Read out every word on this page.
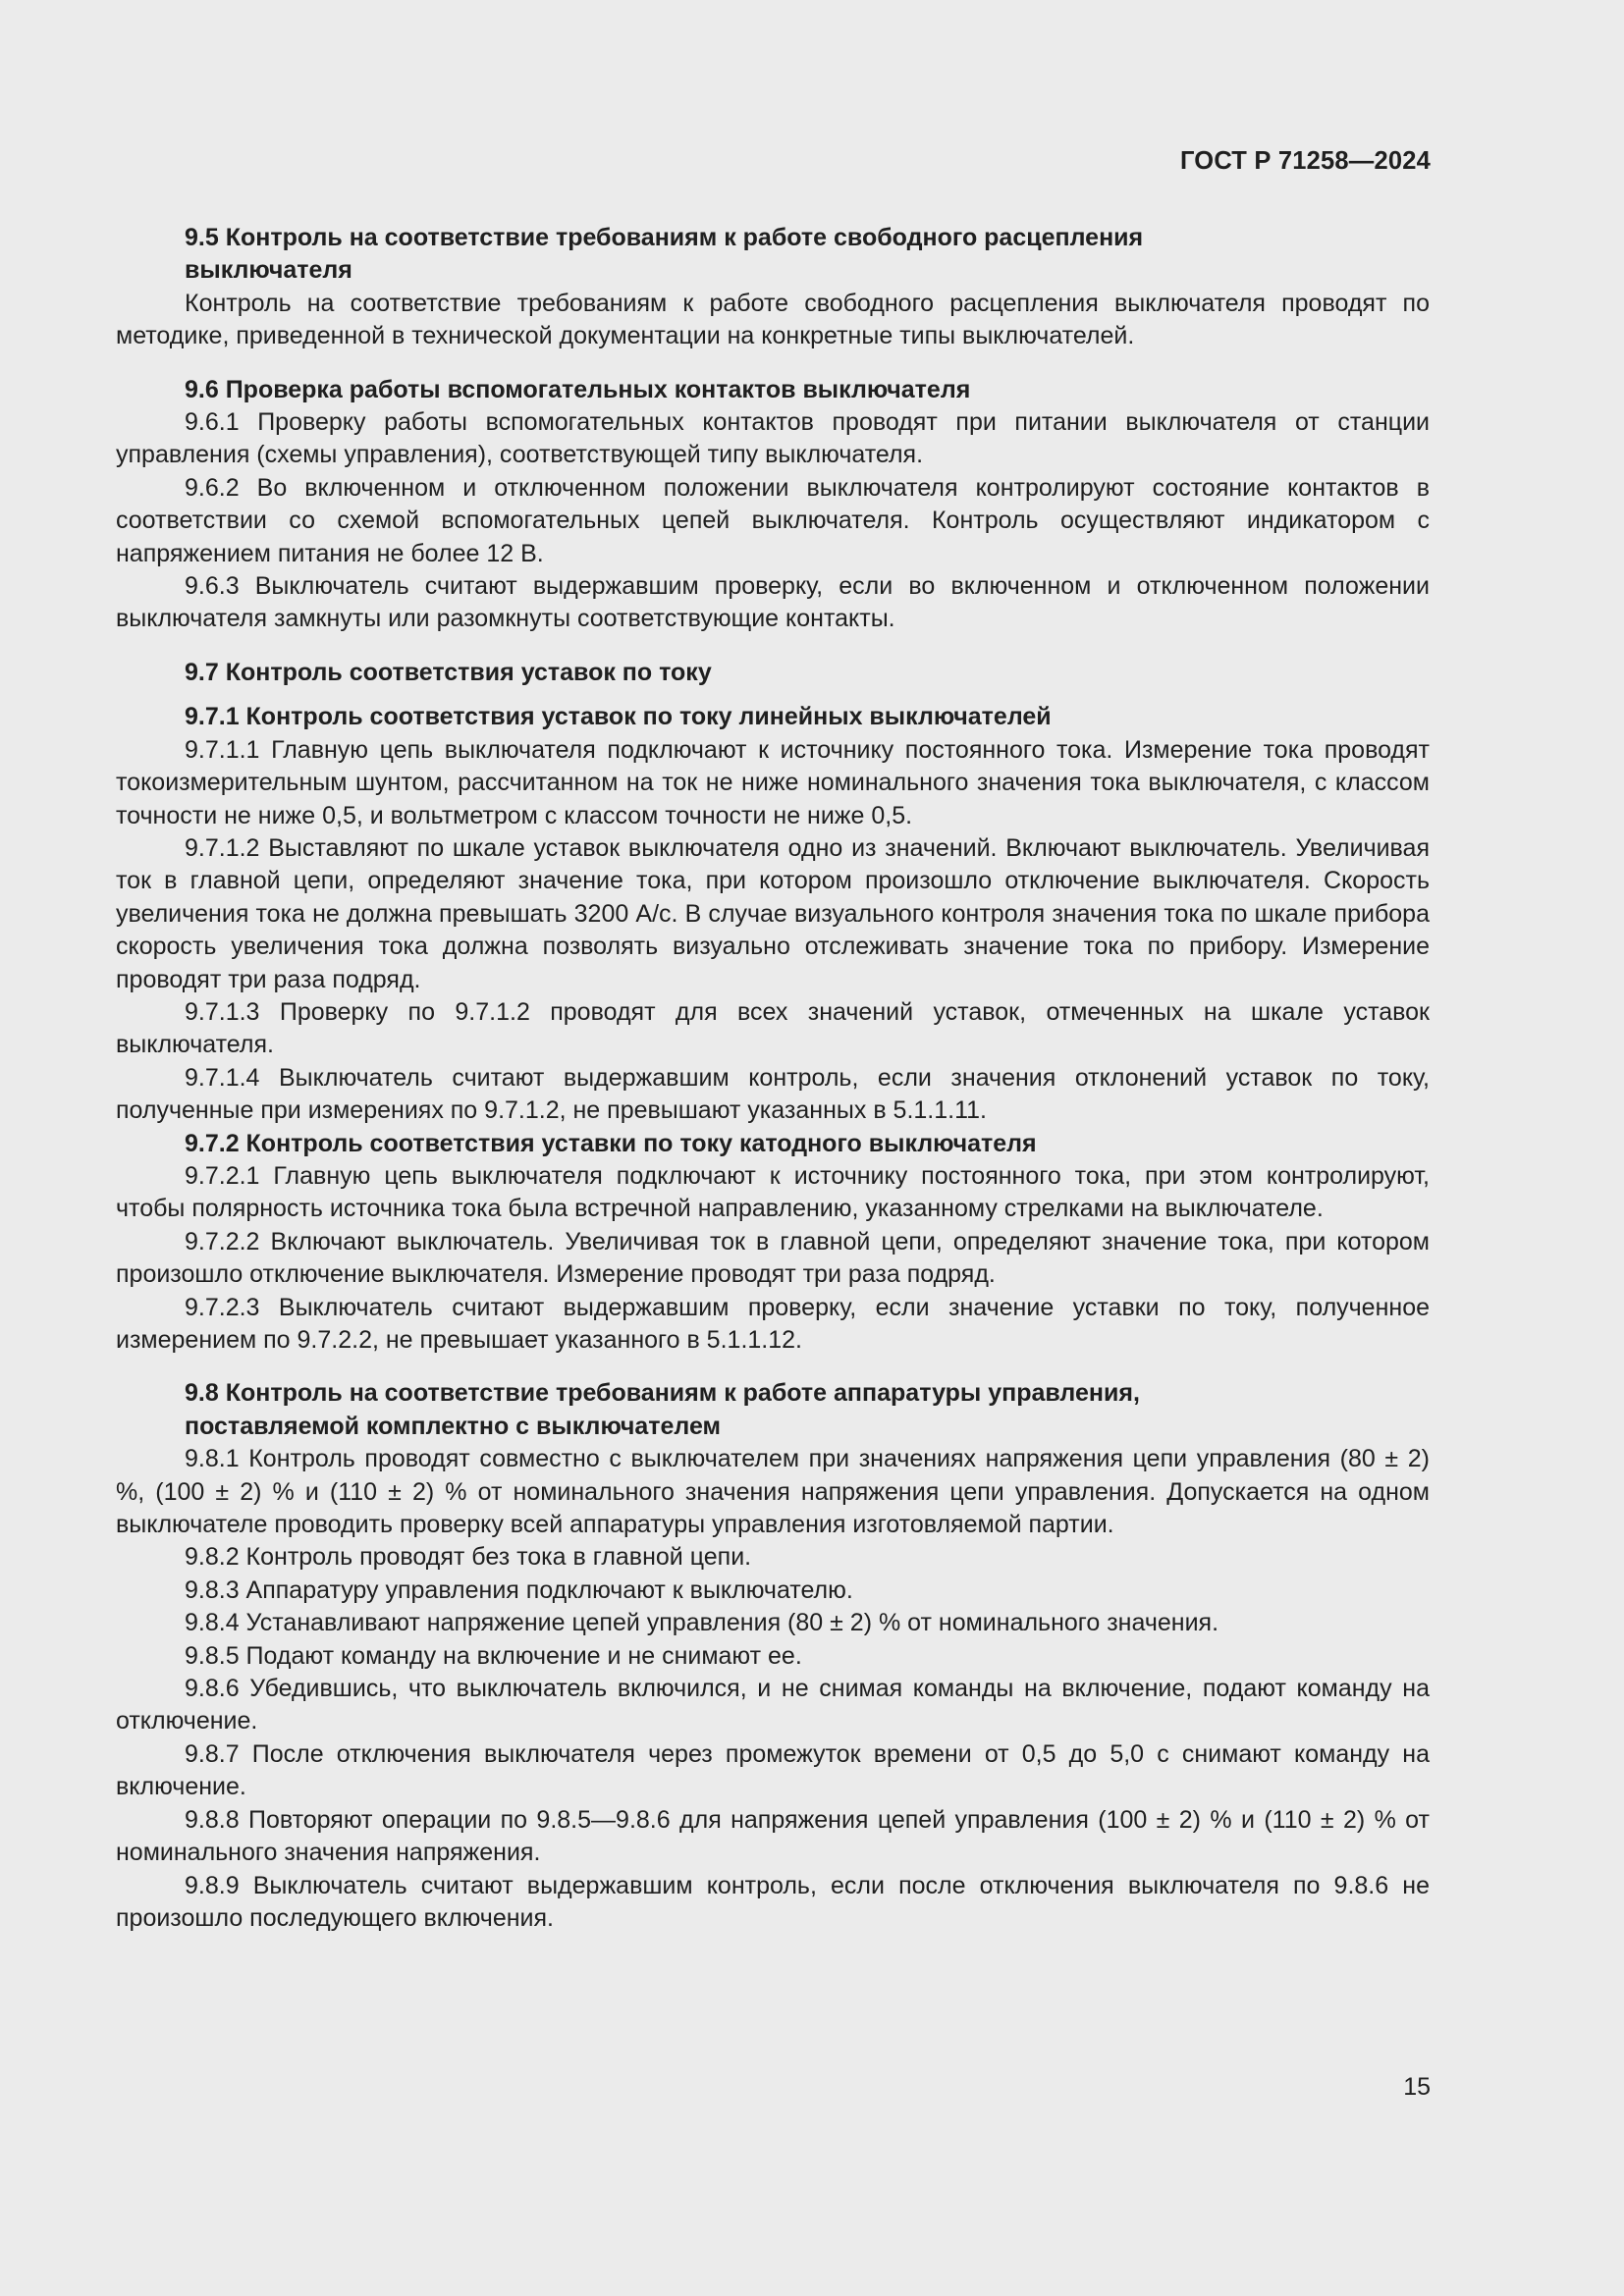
ГОСТ Р 71258—2024
9.5 Контроль на соответствие требованиям к работе свободного расцепления выключателя

Контроль на соответствие требованиям к работе свободного расцепления выключателя проводят по методике, приведенной в технической документации на конкретные типы выключателей.

9.6 Проверка работы вспомогательных контактов выключателя

9.6.1 Проверку работы вспомогательных контактов проводят при питании выключателя от станции управления (схемы управления), соответствующей типу выключателя.

9.6.2 Во включенном и отключенном положении выключателя контролируют состояние контактов в соответствии со схемой вспомогательных цепей выключателя. Контроль осуществляют индикатором с напряжением питания не более 12 В.

9.6.3 Выключатель считают выдержавшим проверку, если во включенном и отключенном положении выключателя замкнуты или разомкнуты соответствующие контакты.

9.7 Контроль соответствия уставок по току
9.7.1 Контроль соответствия уставок по току линейных выключателей

9.7.1.1 Главную цепь выключателя подключают к источнику постоянного тока. Измерение тока проводят токоизмерительным шунтом, рассчитанном на ток не ниже номинального значения тока выключателя, с классом точности не ниже 0,5, и вольтметром с классом точности не ниже 0,5.

9.7.1.2 Выставляют по шкале уставок выключателя одно из значений. Включают выключатель. Увеличивая ток в главной цепи, определяют значение тока, при котором произошло отключение выключателя. Скорость увеличения тока не должна превышать 3200 А/с. В случае визуального контроля значения тока по шкале прибора скорость увеличения тока должна позволять визуально отслеживать значение тока по прибору. Измерение проводят три раза подряд.

9.7.1.3 Проверку по 9.7.1.2 проводят для всех значений уставок, отмеченных на шкале уставок выключателя.

9.7.1.4 Выключатель считают выдержавшим контроль, если значения отклонений уставок по току, полученные при измерениях по 9.7.1.2, не превышают указанных в 5.1.1.11.

9.7.2 Контроль соответствия уставки по току катодного выключателя

9.7.2.1 Главную цепь выключателя подключают к источнику постоянного тока, при этом контролируют, чтобы полярность источника тока была встречной направлению, указанному стрелками на выключателе.

9.7.2.2 Включают выключатель. Увеличивая ток в главной цепи, определяют значение тока, при котором произошло отключение выключателя. Измерение проводят три раза подряд.

9.7.2.3 Выключатель считают выдержавшим проверку, если значение уставки по току, полученное измерением по 9.7.2.2, не превышает указанного в 5.1.1.12.

9.8 Контроль на соответствие требованиям к работе аппаратуры управления, поставляемой комплектно с выключателем

9.8.1 Контроль проводят совместно с выключателем при значениях напряжения цепи управления (80 ± 2) %, (100 ± 2) % и (110 ± 2) % от номинального значения напряжения цепи управления. Допускается на одном выключателе проводить проверку всей аппаратуры управления изготовляемой партии.

9.8.2 Контроль проводят без тока в главной цепи.

9.8.3 Аппаратуру управления подключают к выключателю.

9.8.4 Устанавливают напряжение цепей управления (80 ± 2) % от номинального значения.

9.8.5 Подают команду на включение и не снимают ее.

9.8.6 Убедившись, что выключатель включился, и не снимая команды на включение, подают команду на отключение.

9.8.7 После отключения выключателя через промежуток времени от 0,5 до 5,0 с снимают команду на включение.

9.8.8 Повторяют операции по 9.8.5—9.8.6 для напряжения цепей управления (100 ± 2) % и (110 ± 2) % от номинального значения напряжения.

9.8.9 Выключатель считают выдержавшим контроль, если после отключения выключателя по 9.8.6 не произошло последующего включения.

15
